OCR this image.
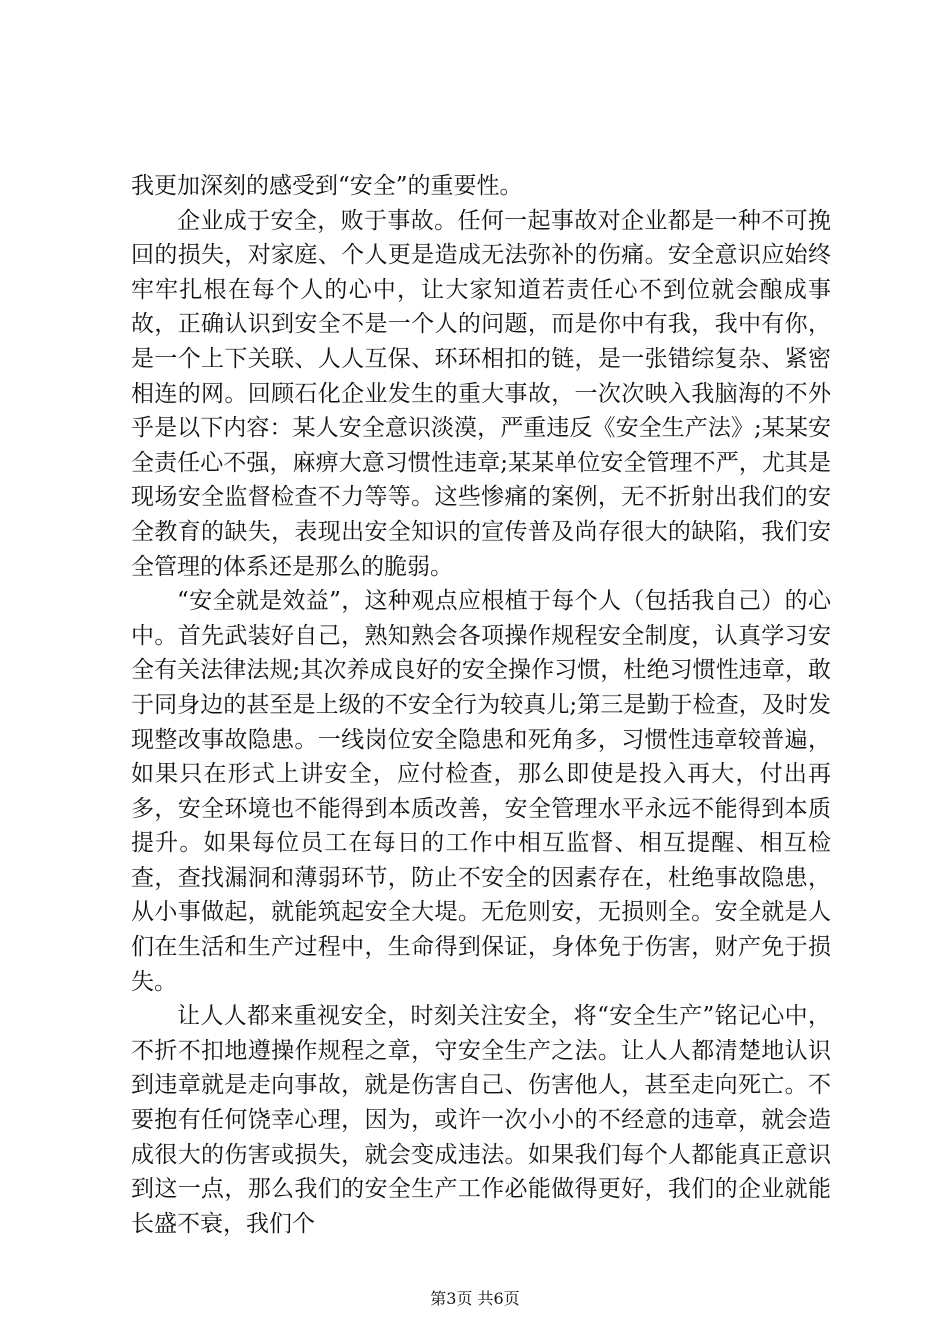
我更加深刻的感受到“安全”的重要性。

企业成于安全，败于事故。任何一起事故对企业都是一种不可挽回的损失，对家庭、个人更是造成无法弥补的伤痛。安全意识应始终牢牢扎根在每个人的心中，让大家知道若责任心不到位就会酿成事故，正确认识到安全不是一个人的问题，而是你中有我，我中有你，是一个上下关联、人人互保、环环相扣的链，是一张错综复杂、紧密相连的网。回顾石化企业发生的重大事故，一次次映入我脑海的不外乎是以下内容：某人安全意识淡漠，严重违反《安全生产法》;某某安全责任心不强，麻痹大意习惯性违章;某某单位安全管理不严，尤其是现场安全监督检查不力等等。这些惨痛的案例，无不折射出我们的安全教育的缺失，表现出安全知识的宣传普及尚存很大的缺陷，我们安全管理的体系还是那么的脆弱。

“安全就是效益”，这种观点应根植于每个人（包括我自己）的心中。首先武装好自己，熟知熟会各项操作规程安全制度，认真学习安全有关法律法规;其次养成良好的安全操作习惯，杜绝习惯性违章，敢于同身边的甚至是上级的不安全行为较真儿;第三是勤于检查，及时发现整改事故隐患。一线岗位安全隐患和死角多，习惯性违章较普遍，如果只在形式上讲安全，应付检查，那么即使是投入再大，付出再多，安全环境也不能得到本质改善，安全管理水平永远不能得到本质提升。如果每位员工在每日的工作中相互监督、相互提醒、相互检查，查找漏洞和薄弱环节，防止不安全的因素存在，杜绝事故隐患，从小事做起，就能筑起安全大堤。无危则安，无损则全。安全就是人们在生活和生产过程中，生命得到保证，身体免于伤害，财产免于损失。

让人人都来重视安全，时刻关注安全，将“安全生产”铭记心中，不折不扣地遵操作规程之章，守安全生产之法。让人人都清楚地认识到违章就是走向事故，就是伤害自己、伤害他人，甚至走向死亡。不要抱有任何饶幸心理，因为，或许一次小小的不经意的违章，就会造成很大的伤害或损失，就会变成违法。如果我们每个人都能真正意识到这一点，那么我们的安全生产工作必能做得更好，我们的企业就能长盛不衰，我们个

第3页 共6页
